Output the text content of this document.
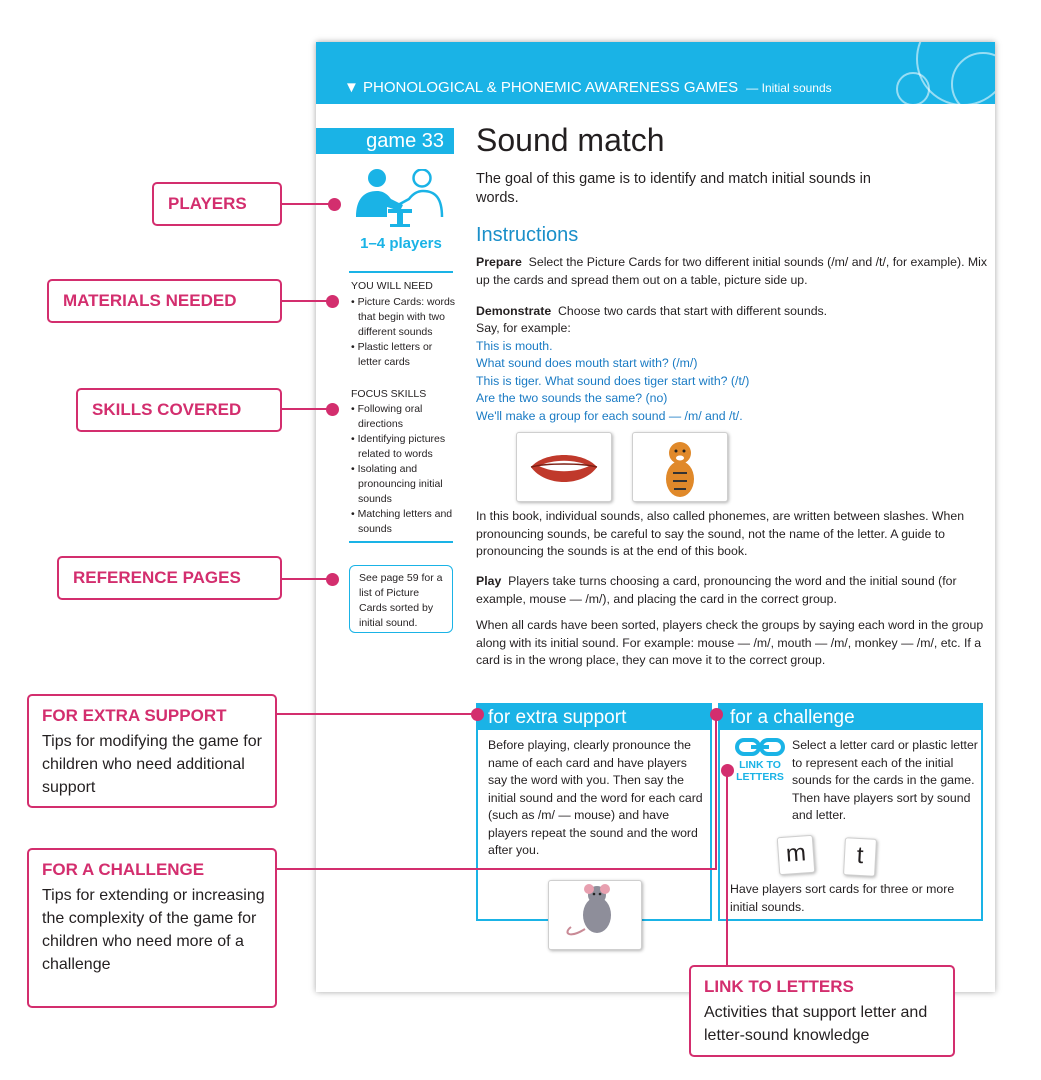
▼ PHONOLOGICAL & PHONEMIC AWARENESS GAMES — Initial sounds
game 33
1–4 players
YOU WILL NEED
• Picture Cards: words that begin with two different sounds
• Plastic letters or letter cards
FOCUS SKILLS
• Following oral directions
• Identifying pictures related to words
• Isolating and pronouncing initial sounds
• Matching letters and sounds
See page 59 for a list of Picture Cards sorted by initial sound.
Sound match
The goal of this game is to identify and match initial sounds in words.
Instructions
Prepare Select the Picture Cards for two different initial sounds (/m/ and /t/, for example). Mix up the cards and spread them out on a table, picture side up.
Demonstrate Choose two cards that start with different sounds.
Say, for example:
This is mouth.
What sound does mouth start with? (/m/)
This is tiger. What sound does tiger start with? (/t/)
Are the two sounds the same? (no)
We'll make a group for each sound — /m/ and /t/.
In this book, individual sounds, also called phonemes, are written between slashes. When pronouncing sounds, be careful to say the sound, not the name of the letter. A guide to pronouncing the sounds is at the end of this book.
Play Players take turns choosing a card, pronouncing the word and the initial sound (for example, mouse — /m/), and placing the card in the correct group.
When all cards have been sorted, players check the groups by saying each word in the group along with its initial sound. For example: mouse — /m/, mouth — /m/, monkey — /m/, etc. If a card is in the wrong place, they can move it to the correct group.
for extra support
Before playing, clearly pronounce the name of each card and have players say the word with you. Then say the initial sound and the word for each card (such as /m/ — mouse) and have players repeat the sound and the word after you.
for a challenge
LINK TO LETTERS
Select a letter card or plastic letter to represent each of the initial sounds for the cards in the game. Then have players sort by sound and letter.
m	t
Have players sort cards for three or more initial sounds.
PLAYERS
MATERIALS NEEDED
SKILLS COVERED
REFERENCE PAGES
FOR EXTRA SUPPORT
Tips for modifying the game for children who need additional support
FOR A CHALLENGE
Tips for extending or increasing the complexity of the game for children who need more of a challenge
LINK TO LETTERS
Activities that support letter and letter-sound knowledge
